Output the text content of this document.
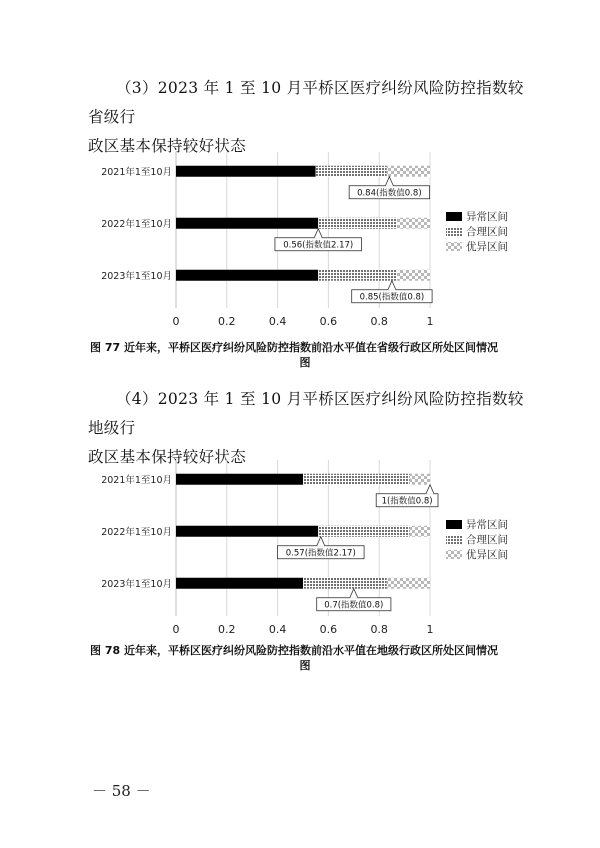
（3）2023 年 1 至 10 月平桥区医疗纠纷风险防控指数较省级行
政区基本保持较好状态
0	0.2	0.4	0.6	0.8	1
2021年1至10月
0.84(指数值0.8)
2022年1至10月
0.56(指数值2.17)
2023年1至10月
0.85(指数值0.8)
异常区间
合理区间
优异区间
图 77 近年来，平桥区医疗纠纷风险防控指数前沿水平值在省级行政区所处区间情况
图
（4）2023 年 1 至 10 月平桥区医疗纠纷风险防控指数较地级行
政区基本保持较好状态
0	0.2	0.4	0.6	0.8	1
2021年1至10月
1(指数值0.8)
2022年1至10月
0.57(指数值2.17)
2023年1至10月
0.7(指数值0.8)
异常区间
合理区间
优异区间
图 78 近年来，平桥区医疗纠纷风险防控指数前沿水平值在地级行政区所处区间情况
图
－ 58 －
